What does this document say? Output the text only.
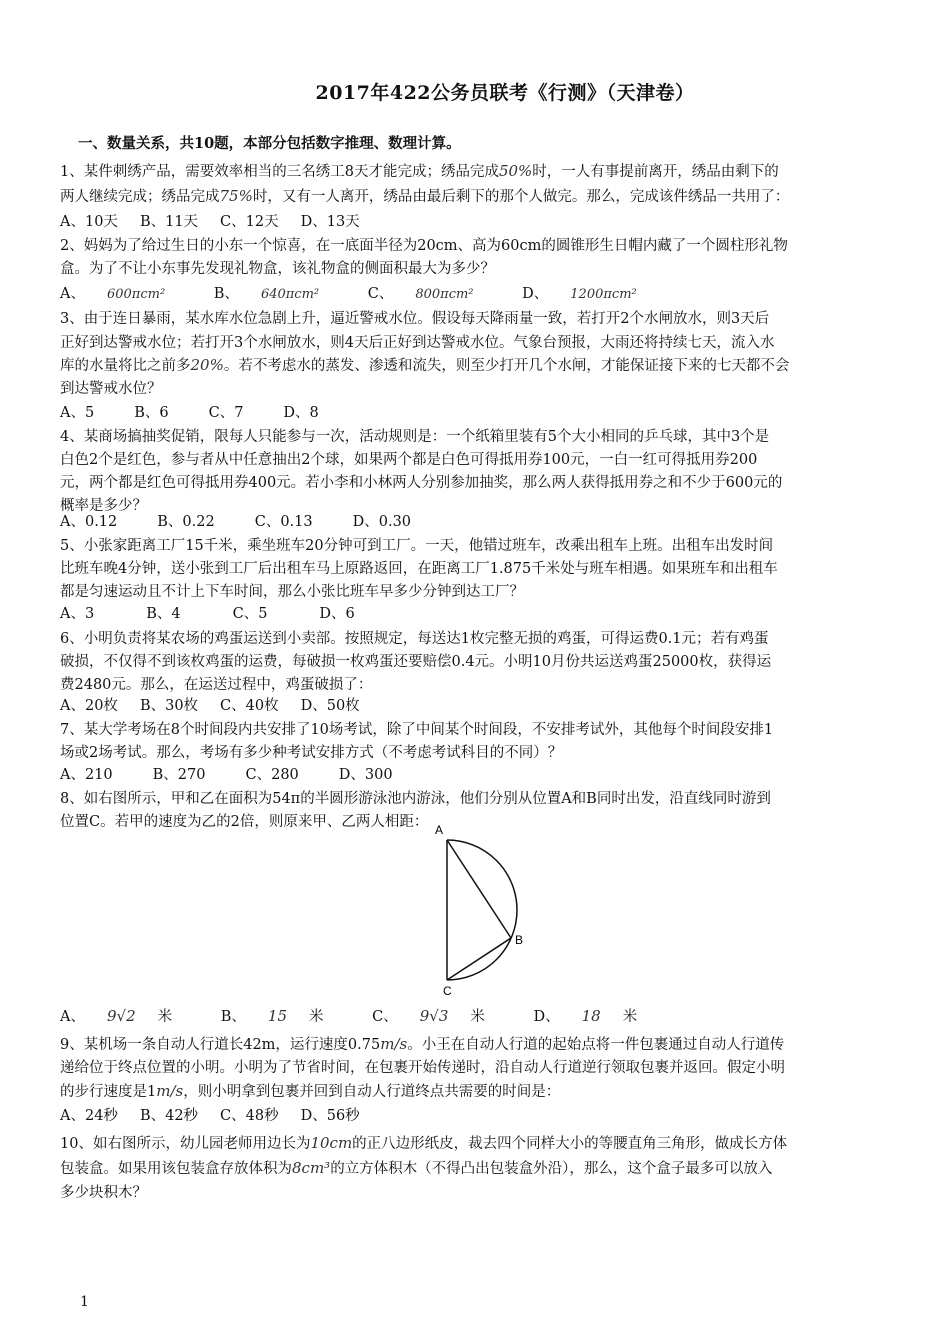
2017年422公务员联考《行测》（天津卷）
一、数量关系，共10题，本部分包括数字推理、数理计算。
1、某件刺绣产品，需要效率相当的三名绣工8天才能完成；绣品完成50%时，一人有事提前离开，绣品由剩下的
两人继续完成；绣品完成75%时，又有一人离开，绣品由最后剩下的那个人做完。那么，完成该件绣品一共用了：
A、10天 B、11天 C、12天 D、13天
2、妈妈为了给过生日的小东一个惊喜，在一底面半径为20cm、高为60cm的圆锥形生日帽内藏了一个圆柱形礼物
盒。为了不让小东事先发现礼物盒，该礼物盒的侧面积最大为多少？
A、 600πcm²	B、 640πcm²	C、 800πcm²	D、 1200πcm²
3、由于连日暴雨，某水库水位急剧上升，逼近警戒水位。假设每天降雨量一致，若打开2个水闸放水，则3天后
正好到达警戒水位；若打开3个水闸放水，则4天后正好到达警戒水位。气象台预报，大雨还将持续七天，流入水
库的水量将比之前多20%。若不考虑水的蒸发、渗透和流失，则至少打开几个水闸，才能保证接下来的七天都不会
到达警戒水位？
A、5	B、6	C、7	D、8
4、某商场搞抽奖促销，限每人只能参与一次，活动规则是：一个纸箱里装有5个大小相同的乒乓球，其中3个是
白色2个是红色，参与者从中任意抽出2个球，如果两个都是白色可得抵用券100元，一白一红可得抵用券200
元，两个都是红色可得抵用券400元。若小李和小林两人分别参加抽奖，那么两人获得抵用券之和不少于600元的
概率是多少？
A、0.12	B、0.22	C、0.13	D、0.30
5、小张家距离工厂15千米，乘坐班车20分钟可到工厂。一天，他错过班车，改乘出租车上班。出租车出发时间
比班车晚4分钟，送小张到工厂后出租车马上原路返回，在距离工厂1.875千米处与班车相遇。如果班车和出租车
都是匀速运动且不计上下车时间，那么小张比班车早多少分钟到达工厂？
A、3	B、4	C、5	D、6
6、小明负责将某农场的鸡蛋运送到小卖部。按照规定，每送达1枚完整无损的鸡蛋，可得运费0.1元；若有鸡蛋
破损，不仅得不到该枚鸡蛋的运费，每破损一枚鸡蛋还要赔偿0.4元。小明10月份共运送鸡蛋25000枚，获得运
费2480元。那么，在运送过程中，鸡蛋破损了：
A、20枚 B、30枚 C、40枚 D、50枚
7、某大学考场在8个时间段内共安排了10场考试，除了中间某个时间段，不安排考试外，其他每个时间段安排1
场或2场考试。那么，考场有多少种考试安排方式（不考虑考试科目的不同）？
A、210	B、270	C、280	D、300
8、如右图所示，甲和乙在面积为54π的半圆形游泳池内游泳，他们分别从位置A和B同时出发，沿直线同时游到
位置C。若甲的速度为乙的2倍，则原来甲、乙两人相距： A
B
C
A、 9√2 米	B、 15 米	C、 9√3 米	D、 18 米
9、某机场一条自动人行道长42m，运行速度0.75m/s。小王在自动人行道的起始点将一件包裹通过自动人行道传
递给位于终点位置的小明。小明为了节省时间，在包裹开始传递时，沿自动人行道逆行领取包裹并返回。假定小明
的步行速度是1m/s，则小明拿到包裹并回到自动人行道终点共需要的时间是：
A、24秒 B、42秒 C、48秒 D、56秒
10、如右图所示，幼儿园老师用边长为10cm的正八边形纸皮，裁去四个同样大小的等腰直角三角形，做成长方体
包装盒。如果用该包装盒存放体积为8cm³的立方体积木（不得凸出包装盒外沿），那么，这个盒子最多可以放入
多少块积木？
1
